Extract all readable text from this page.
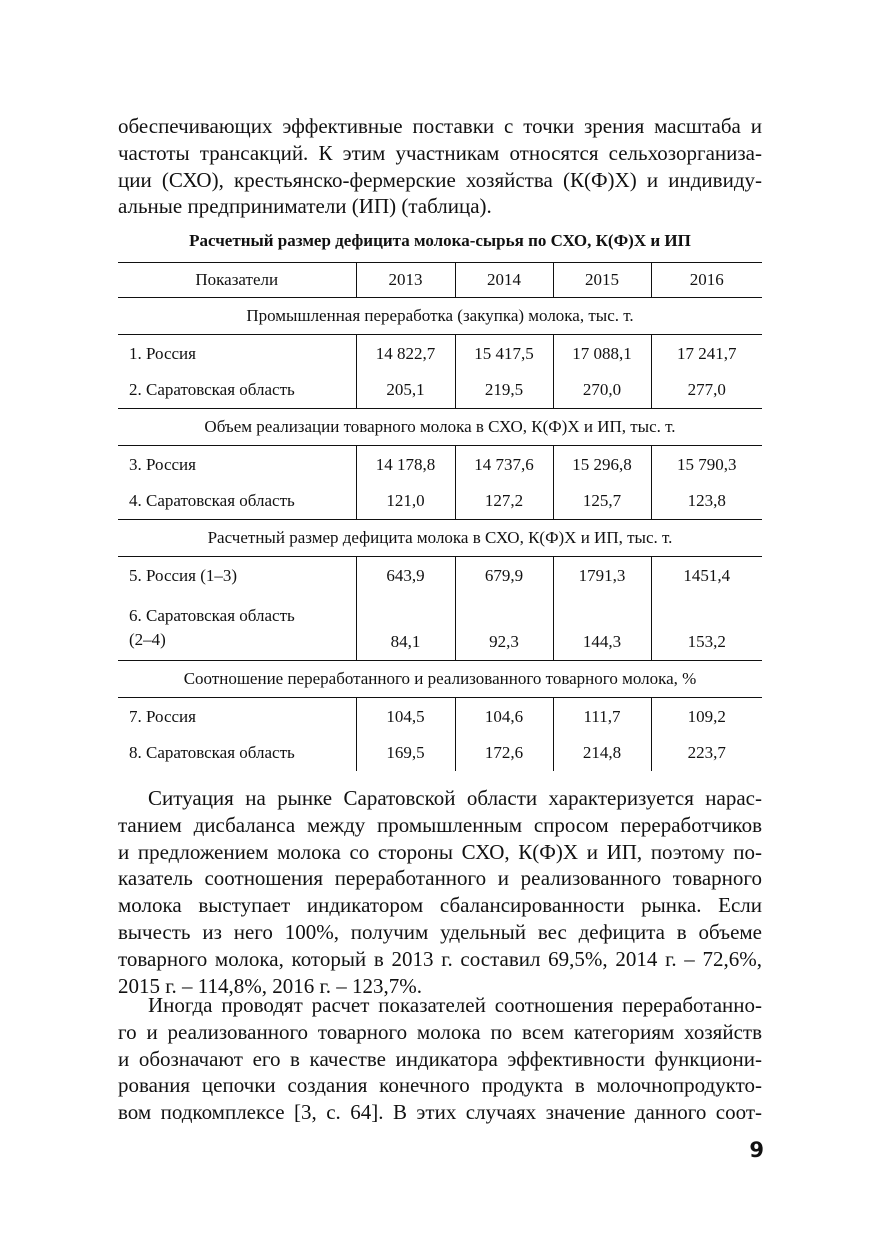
обеспечивающих эффективные поставки с точки зрения масштаба и
частоты трансакций. К этим участникам относятся сельхозорганиза-
ции (СХО), крестьянско-фермерские хозяйства (К(Ф)Х) и индивиду-
альные предприниматели (ИП) (таблица).

Расчетный размер дефицита молока-сырья по СХО, К(Ф)Х и ИП
Показатели	2013	2014	2015	2016
Промышленная переработка (закупка) молока, тыс. т.				
1. Россия	14 822,7	15 417,5	17 088,1	17 241,7
2. Саратовская область	205,1	219,5	270,0	277,0
Объем реализации товарного молока в СХО, К(Ф)Х и ИП, тыс. т.				
3. Россия	14 178,8	14 737,6	15 296,8	15 790,3
4. Саратовская область	121,0	127,2	125,7	123,8
Расчетный размер дефицита молока в СХО, К(Ф)Х и ИП, тыс. т.				
5. Россия (1–3)	643,9	679,9	1791,3	1451,4
6. Саратовская область
(2–4)	84,1	92,3	144,3	153,2
Соотношение переработанного и реализованного товарного молока, %				
7. Россия	104,5	104,6	111,7	109,2
8. Саратовская область	169,5	172,6	214,8	223,7

Ситуация на рынке Саратовской области характеризуется нарас-
танием дисбаланса между промышленным спросом переработчиков
и предложением молока со стороны СХО, К(Ф)Х и ИП, поэтому по-
казатель соотношения переработанного и реализованного товарного
молока выступает индикатором сбалансированности рынка. Если
вычесть из него 100%, получим удельный вес дефицита в объеме
товарного молока, который в 2013 г. составил 69,5%, 2014 г. – 72,6%,
2015 г. – 114,8%, 2016 г. – 123,7%.

Иногда проводят расчет показателей соотношения переработанно-
го и реализованного товарного молока по всем категориям хозяйств
и обозначают его в качестве индикатора эффективности функциони-
рования цепочки создания конечного продукта в молочнопродукто-
вом подкомплексе [3, с. 64]. В этих случаях значение данного соот-

9
